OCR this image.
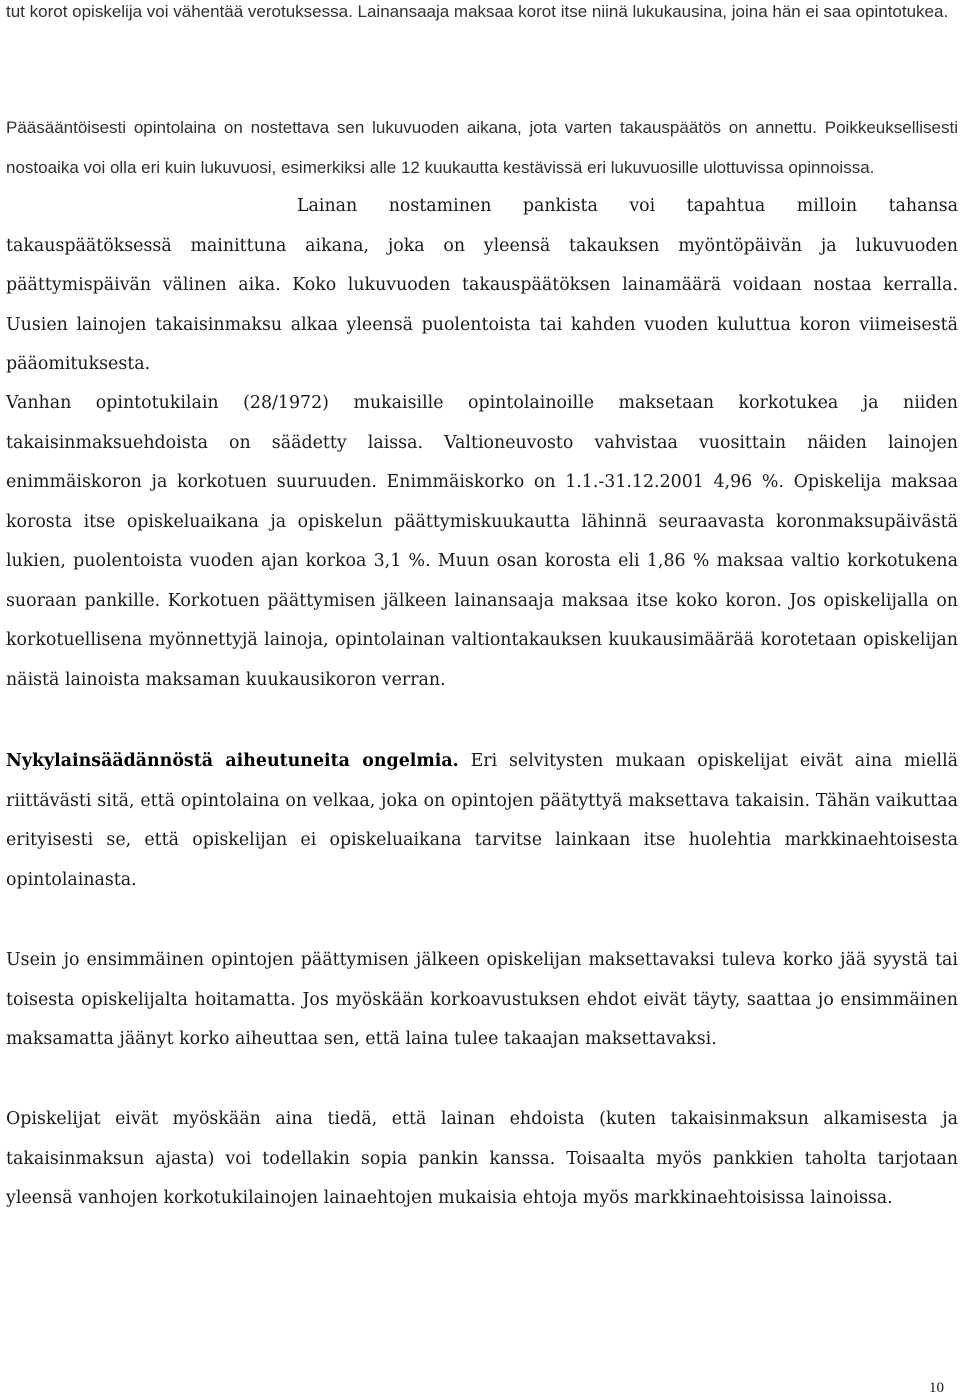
tut korot opiskelija voi vähentää verotuksessa. Lainansaaja maksaa korot itse niinä lukukausina, joina hän ei saa opintotukea.

Pääsääntöisesti opintolaina on nostettava sen lukuvuoden aikana, jota varten takauspäätös on annettu. Poikkeuksellisesti nostoaika voi olla eri kuin lukuvuosi, esimerkiksi alle 12 kuukautta kestävissä eri lukuvuosille ulottuvissa opinnoissa.

Lainan nostaminen pankista voi tapahtua milloin tahansa takauspäätöksessä mainittuna aikana, joka on yleensä takauksen myöntöpäivän ja lukuvuoden päättymispäivän välinen aika. Koko lukuvuoden takauspäätöksen lainamäärä voidaan nostaa kerralla. Uusien lainojen takaisinmaksu alkaa yleensä puolentoista tai kahden vuoden kuluttua koron viimeisestä pääomituksesta.

Vanhan opintotukilain (28/1972) mukaisille opintolainoille maksetaan korkotukea ja niiden takaisinmaksuehdoista on säädetty laissa. Valtioneuvosto vahvistaa vuosittain näiden lainojen enimmäiskoron ja korkotuen suuruuden. Enimmäiskorko on 1.1.-31.12.2001 4,96 %. Opiskelija maksaa korosta itse opiskeluaikana ja opiskelun päättymiskuukautta lähinnä seuraavasta koronmaksupäivästä lukien, puolentoista vuoden ajan korkoa 3,1 %. Muun osan korosta eli 1,86 % maksaa valtio korkotukena suoraan pankille. Korkotuen päättymisen jälkeen lainansaaja maksaa itse koko koron. Jos opiskelijalla on korkotuellisena myönnettyjä lainoja, opintolainan valtiontakauksen kuukausimäärää korotetaan opiskelijan näistä lainoista maksaman kuukausikoron verran.

Nykylainsäädännöstä aiheutuneita ongelmia. Eri selvitysten mukaan opiskelijat eivät aina miellä riittävästi sitä, että opintolaina on velkaa, joka on opintojen päätyttyä maksettava takaisin. Tähän vaikuttaa erityisesti se, että opiskelijan ei opiskeluaikana tarvitse lainkaan itse huolehtia markkinaehtoisesta opintolainasta.

Usein jo ensimmäinen opintojen päättymisen jälkeen opiskelijan maksettavaksi tuleva korko jää syystä tai toisesta opiskelijalta hoitamatta. Jos myöskään korkoavustuksen ehdot eivät täyty, saattaa jo ensimmäinen maksamatta jäänyt korko aiheuttaa sen, että laina tulee takaajan maksettavaksi.

Opiskelijat eivät myöskään aina tiedä, että lainan ehdoista (kuten takaisinmaksun alkamisesta ja takaisinmaksun ajasta) voi todellakin sopia pankin kanssa. Toisaalta myös pankkien taholta tarjotaan yleensä vanhojen korkotukilainojen lainaehtojen mukaisia ehtoja myös markkinaehtoisissa lainoissa.

10
